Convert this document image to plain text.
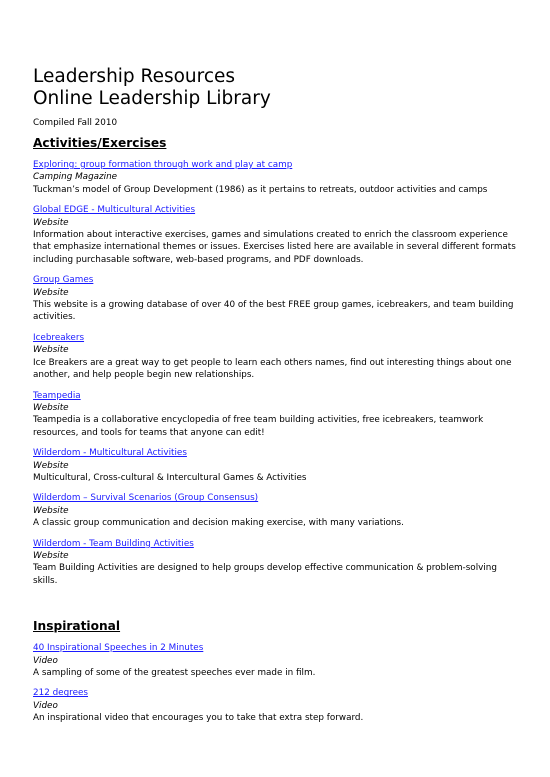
Leadership Resources
Online Leadership Library
Compiled Fall 2010
Activities/Exercises
Exploring: group formation through work and play at camp
Camping Magazine
Tuckman’s model of Group Development (1986) as it pertains to retreats, outdoor activities and camps
Global EDGE - Multicultural Activities
Website
Information about interactive exercises, games and simulations created to enrich the classroom experience that emphasize international themes or issues. Exercises listed here are available in several different formats including purchasable software, web-based programs, and PDF downloads.
Group Games
Website
This website is a growing database of over 40 of the best FREE group games, icebreakers, and team building activities.
Icebreakers
Website
Ice Breakers are a great way to get people to learn each others names, find out interesting things about one another, and help people begin new relationships.
Teampedia
Website
Teampedia is a collaborative encyclopedia of free team building activities, free icebreakers, teamwork resources, and tools for teams that anyone can edit!
Wilderdom - Multicultural Activities
Website
Multicultural, Cross-cultural & Intercultural Games & Activities
Wilderdom – Survival Scenarios (Group Consensus)
Website
A classic group communication and decision making exercise, with many variations.
Wilderdom - Team Building Activities
Website
Team Building Activities are designed to help groups develop effective communication & problem-solving skills.
Inspirational
40 Inspirational Speeches in 2 Minutes
Video
A sampling of some of the greatest speeches ever made in film.
212 degrees
Video
An inspirational video that encourages you to take that extra step forward.
